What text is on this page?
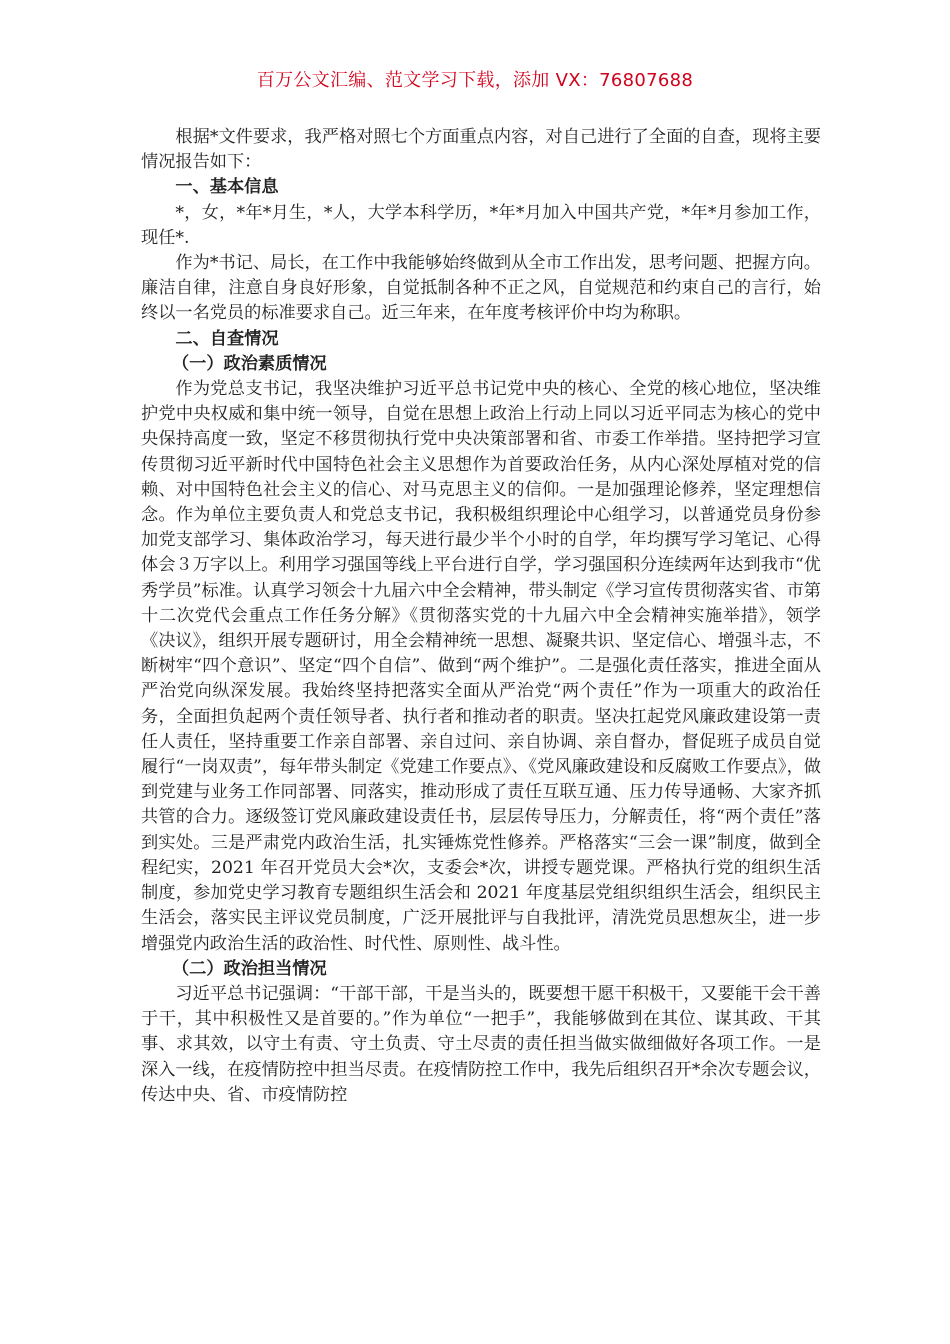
百万公文汇编、范文学习下载，添加 VX：76807688

根据*文件要求，我严格对照七个方面重点内容，对自己进行了全面的自查，现将主要情况报告如下：

一、基本信息

*，女，*年*月生，*人，大学本科学历，*年*月加入中国共产党，*年*月参加工作，现任*.

作为*书记、局长，在工作中我能够始终做到从全市工作出发，思考问题、把握方向。廉洁自律，注意自身良好形象，自觉抵制各种不正之风，自觉规范和约束自己的言行，始终以一名党员的标准要求自己。近三年来，在年度考核评价中均为称职。

二、自查情况

（一）政治素质情况

作为党总支书记，我坚决维护习近平总书记党中央的核心、全党的核心地位，坚决维护党中央权威和集中统一领导，自觉在思想上政治上行动上同以习近平同志为核心的党中央保持高度一致，坚定不移贯彻执行党中央决策部署和省、市委工作举措。坚持把学习宣传贯彻习近平新时代中国特色社会主义思想作为首要政治任务，从内心深处厚植对党的信赖、对中国特色社会主义的信心、对马克思主义的信仰。一是加强理论修养，坚定理想信念。作为单位主要负责人和党总支书记，我积极组织理论中心组学习，以普通党员身份参加党支部学习、集体政治学习，每天进行最少半个小时的自学，年均撰写学习笔记、心得体会３万字以上。利用学习强国等线上平台进行自学，学习强国积分连续两年达到我市“优秀学员”标准。认真学习领会十九届六中全会精神，带头制定《学习宣传贯彻落实省、市第十二次党代会重点工作任务分解》《贯彻落实党的十九届六中全会精神实施举措》，领学《决议》，组织开展专题研讨，用全会精神统一思想、凝聚共识、坚定信心、增强斗志，不断树牢“四个意识”、坚定“四个自信”、做到“两个维护”。二是强化责任落实，推进全面从严治党向纵深发展。我始终坚持把落实全面从严治党“两个责任”作为一项重大的政治任务，全面担负起两个责任领导者、执行者和推动者的职责。坚决扛起党风廉政建设第一责任人责任，坚持重要工作亲自部署、亲自过问、亲自协调、亲自督办，督促班子成员自觉履行“一岗双责”，每年带头制定《党建工作要点》、《党风廉政建设和反腐败工作要点》，做到党建与业务工作同部署、同落实，推动形成了责任互联互通、压力传导通畅、大家齐抓共管的合力。逐级签订党风廉政建设责任书，层层传导压力，分解责任，将“两个责任”落到实处。三是严肃党内政治生活，扎实锤炼党性修养。严格落实“三会一课”制度，做到全程纪实，2021 年召开党员大会*次，支委会*次，讲授专题党课。严格执行党的组织生活制度，参加党史学习教育专题组织生活会和 2021 年度基层党组织组织生活会，组织民主生活会，落实民主评议党员制度，广泛开展批评与自我批评，清洗党员思想灰尘，进一步增强党内政治生活的政治性、时代性、原则性、战斗性。

（二）政治担当情况

习近平总书记强调：“干部干部，干是当头的，既要想干愿干积极干，又要能干会干善于干，其中积极性又是首要的。”作为单位“一把手”，我能够做到在其位、谋其政、干其事、求其效，以守土有责、守土负责、守土尽责的责任担当做实做细做好各项工作。一是深入一线，在疫情防控中担当尽责。在疫情防控工作中，我先后组织召开*余次专题会议，传达中央、省、市疫情防控
